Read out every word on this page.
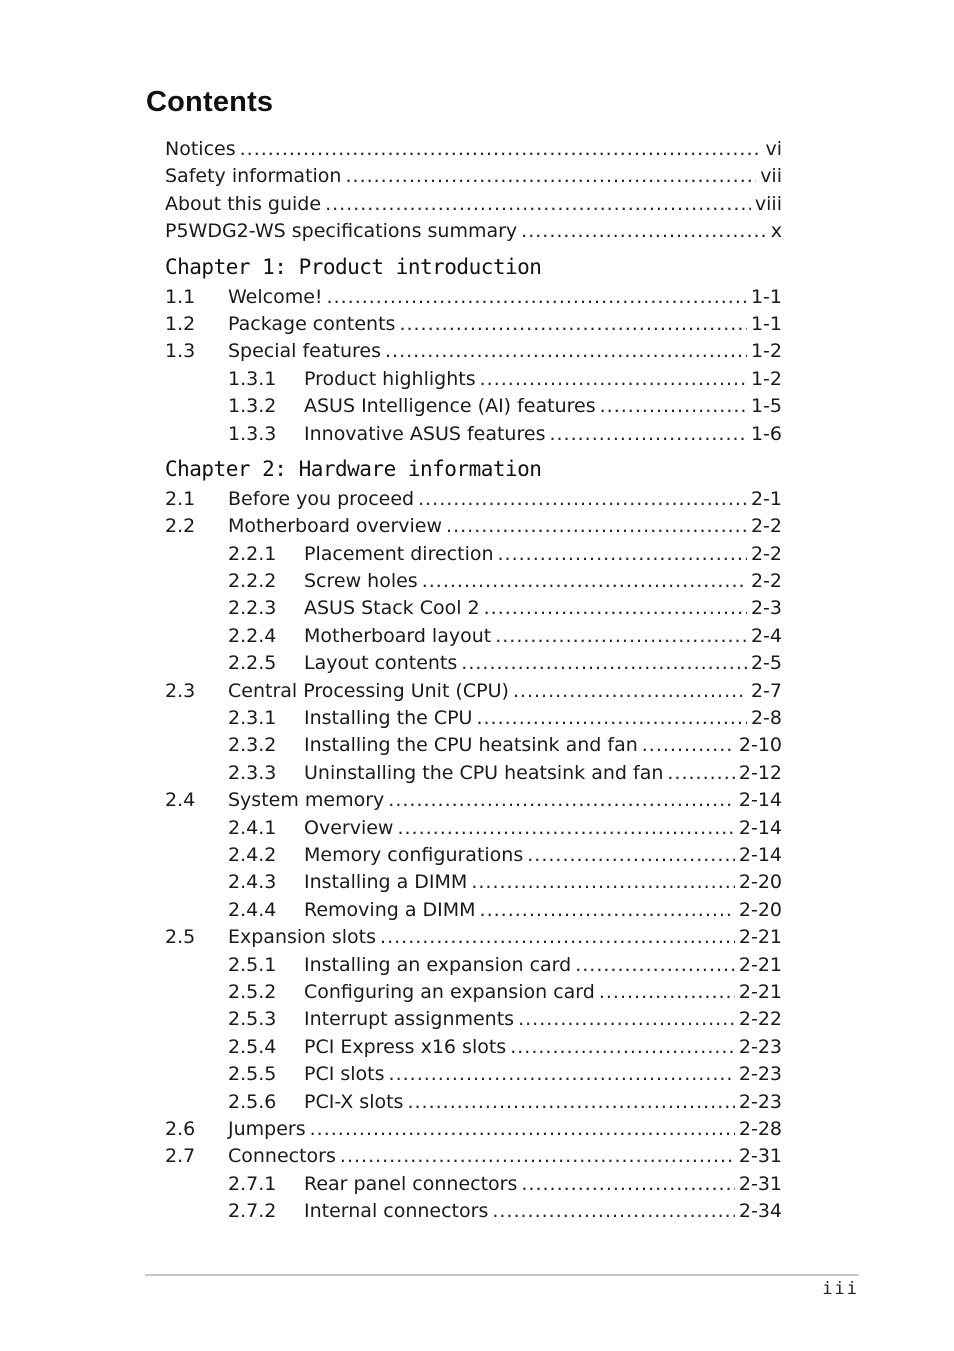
Contents
Notices .....	vi
Safety information .....	vii
About this guide .....	viii
P5WDG2-WS specifications summary .....	x
Chapter 1: Product introduction
1.1	Welcome! .....	1-1
1.2	Package contents .....	1-1
1.3	Special features .....	1-2
1.3.1	Product highlights .....	1-2
1.3.2	ASUS Intelligence (AI) features .....	1-5
1.3.3	Innovative ASUS features .....	1-6
Chapter 2: Hardware information
2.1	Before you proceed .....	2-1
2.2	Motherboard overview .....	2-2
2.2.1	Placement direction .....	2-2
2.2.2	Screw holes .....	2-2
2.2.3	ASUS Stack Cool 2 .....	2-3
2.2.4	Motherboard layout .....	2-4
2.2.5	Layout contents .....	2-5
2.3	Central Processing Unit (CPU) .....	2-7
2.3.1	Installing the CPU .....	2-8
2.3.2	Installing the CPU heatsink and fan .....	2-10
2.3.3	Uninstalling the CPU heatsink and fan .....	2-12
2.4	System memory .....	2-14
2.4.1	Overview .....	2-14
2.4.2	Memory configurations .....	2-14
2.4.3	Installing a DIMM .....	2-20
2.4.4	Removing a DIMM .....	2-20
2.5	Expansion slots .....	2-21
2.5.1	Installing an expansion card .....	2-21
2.5.2	Configuring an expansion card .....	2-21
2.5.3	Interrupt assignments .....	2-22
2.5.4	PCI Express x16 slots .....	2-23
2.5.5	PCI slots .....	2-23
2.5.6	PCI-X slots .....	2-23
2.6	Jumpers .....	2-28
2.7	Connectors .....	2-31
2.7.1	Rear panel connectors .....	2-31
2.7.2	Internal connectors .....	2-34
iii
